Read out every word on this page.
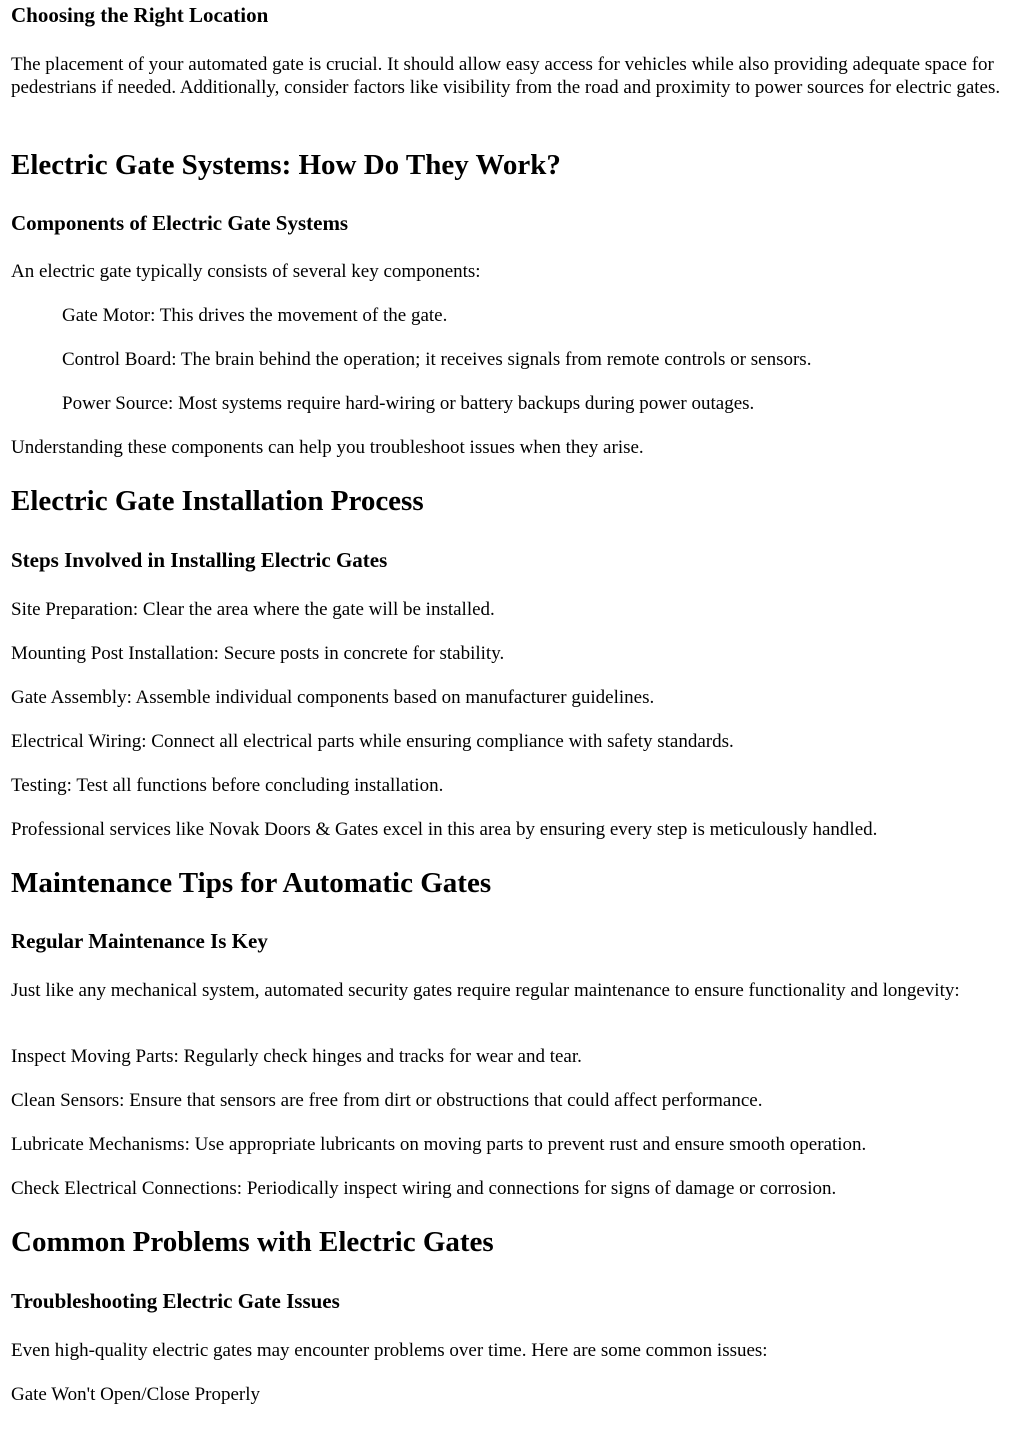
Choosing the Right Location

The placement of your automated gate is crucial. It should allow easy access for vehicles while also providing adequate space for pedestrians if needed. Additionally, consider factors like visibility from the road and proximity to power sources for electric gates.

Electric Gate Systems: How Do They Work?
Components of Electric Gate Systems

An electric gate typically consists of several key components:

Gate Motor: This drives the movement of the gate.

Control Board: The brain behind the operation; it receives signals from remote controls or sensors.

Power Source: Most systems require hard-wiring or battery backups during power outages.

Understanding these components can help you troubleshoot issues when they arise.

Electric Gate Installation Process
Steps Involved in Installing Electric Gates

Site Preparation: Clear the area where the gate will be installed.

Mounting Post Installation: Secure posts in concrete for stability.

Gate Assembly: Assemble individual components based on manufacturer guidelines.

Electrical Wiring: Connect all electrical parts while ensuring compliance with safety standards.

Testing: Test all functions before concluding installation.

Professional services like Novak Doors & Gates excel in this area by ensuring every step is meticulously handled.

Maintenance Tips for Automatic Gates
Regular Maintenance Is Key

Just like any mechanical system, automated security gates require regular maintenance to ensure functionality and longevity:

Inspect Moving Parts: Regularly check hinges and tracks for wear and tear.

Clean Sensors: Ensure that sensors are free from dirt or obstructions that could affect performance.

Lubricate Mechanisms: Use appropriate lubricants on moving parts to prevent rust and ensure smooth operation.

Check Electrical Connections: Periodically inspect wiring and connections for signs of damage or corrosion.

Common Problems with Electric Gates
Troubleshooting Electric Gate Issues

Even high-quality electric gates may encounter problems over time. Here are some common issues:

Gate Won't Open/Close Properly
